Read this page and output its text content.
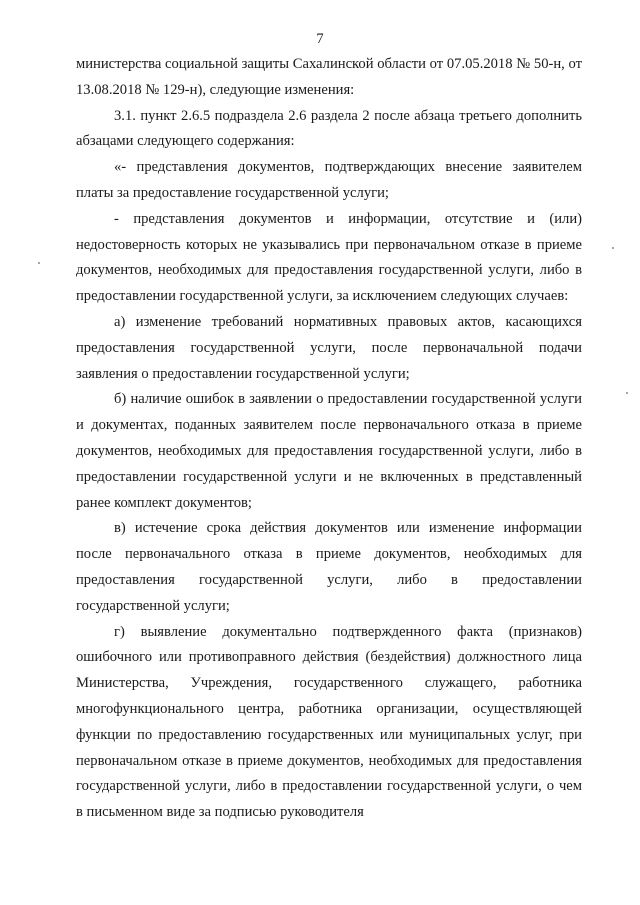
7

министерства социальной защиты Сахалинской области от 07.05.2018 № 50-н, от 13.08.2018 № 129-н), следующие изменения:

3.1. пункт 2.6.5 подраздела 2.6 раздела 2 после абзаца третьего дополнить абзацами следующего содержания:

«- представления документов, подтверждающих внесение заявителем платы за предоставление государственной услуги;

- представления документов и информации, отсутствие и (или) недостоверность которых не указывались при первоначальном отказе в приеме документов, необходимых для предоставления государственной услуги, либо в предоставлении государственной услуги, за исключением следующих случаев:

а) изменение требований нормативных правовых актов, касающихся предоставления государственной услуги, после первоначальной подачи заявления о предоставлении государственной услуги;

б) наличие ошибок в заявлении о предоставлении государственной услуги и документах, поданных заявителем после первоначального отказа в приеме документов, необходимых для предоставления государственной услуги, либо в предоставлении государственной услуги и не включенных в представленный ранее комплект документов;

в) истечение срока действия документов или изменение информации после первоначального отказа в приеме документов, необходимых для предоставления государственной услуги, либо в предоставлении государственной услуги;

г) выявление документально подтвержденного факта (признаков) ошибочного или противоправного действия (бездействия) должностного лица Министерства, Учреждения, государственного служащего, работника многофункционального центра, работника организации, осуществляющей функции по предоставлению государственных или муниципальных услуг, при первоначальном отказе в приеме документов, необходимых для предоставления государственной услуги, либо в предоставлении государственной услуги, о чем в письменном виде за подписью руководителя
